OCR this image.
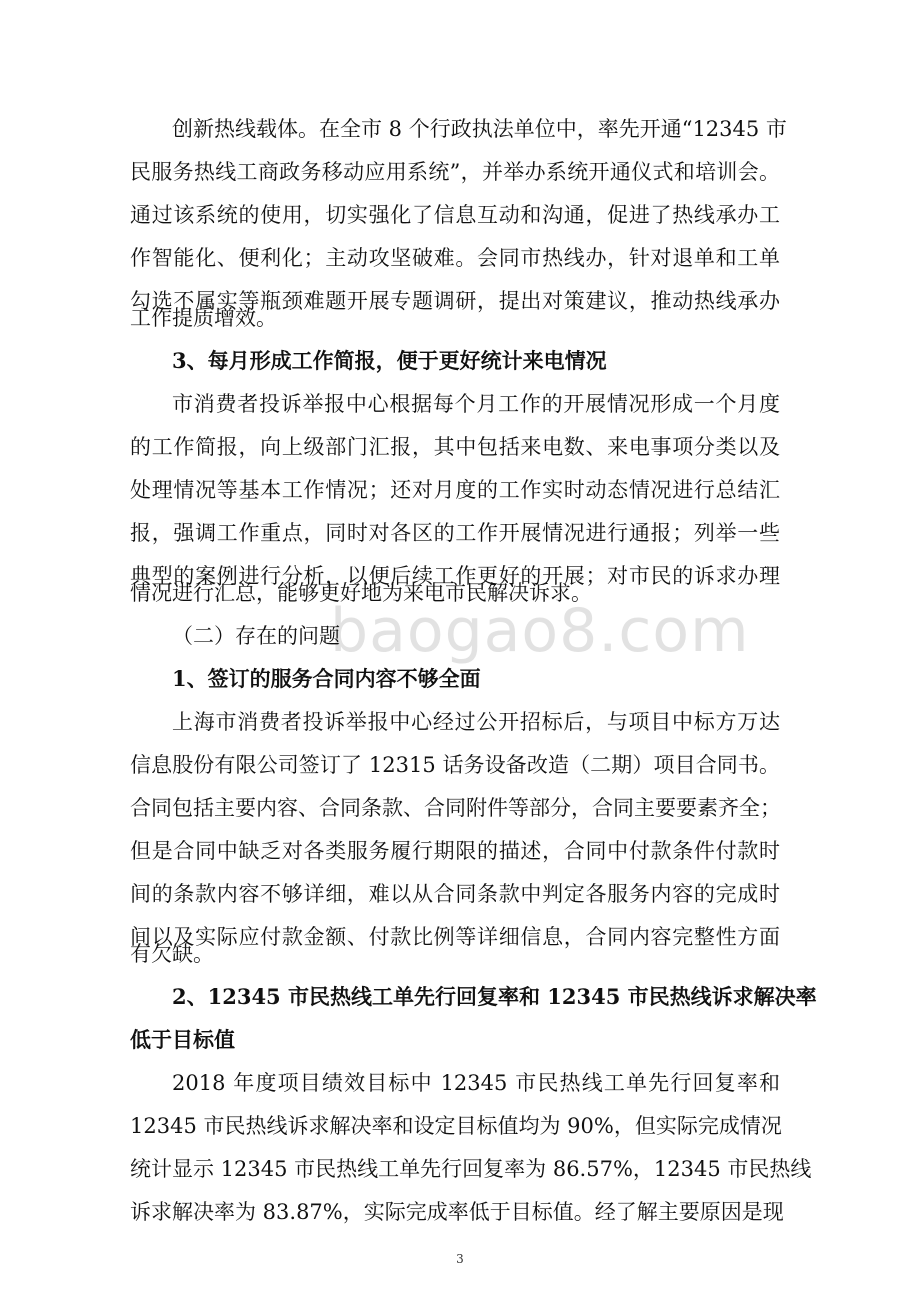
baogao8.com
创新热线载体。在全市 8 个行政执法单位中，率先开通“12345 市
民服务热线工商政务移动应用系统”，并举办系统开通仪式和培训会。
通过该系统的使用，切实强化了信息互动和沟通，促进了热线承办工
作智能化、便利化；主动攻坚破难。会同市热线办，针对退单和工单
勾选不属实等瓶颈难题开展专题调研，提出对策建议，推动热线承办
工作提质增效。
3、每月形成工作简报，便于更好统计来电情况
市消费者投诉举报中心根据每个月工作的开展情况形成一个月度
的工作简报，向上级部门汇报，其中包括来电数、来电事项分类以及
处理情况等基本工作情况；还对月度的工作实时动态情况进行总结汇
报，强调工作重点，同时对各区的工作开展情况进行通报；列举一些
典型的案例进行分析，以便后续工作更好的开展；对市民的诉求办理
情况进行汇总，能够更好地为来电市民解决诉求。
（二）存在的问题
1、签订的服务合同内容不够全面
上海市消费者投诉举报中心经过公开招标后，与项目中标方万达
信息股份有限公司签订了 12315 话务设备改造（二期）项目合同书。
合同包括主要内容、合同条款、合同附件等部分，合同主要要素齐全；
但是合同中缺乏对各类服务履行期限的描述，合同中付款条件付款时
间的条款内容不够详细，难以从合同条款中判定各服务内容的完成时
间以及实际应付款金额、付款比例等详细信息，合同内容完整性方面
有欠缺。
2、12345 市民热线工单先行回复率和 12345 市民热线诉求解决率
低于目标值
2018 年度项目绩效目标中 12345 市民热线工单先行回复率和
12345 市民热线诉求解决率和设定目标值均为 90%，但实际完成情况
统计显示 12345 市民热线工单先行回复率为 86.57%，12345 市民热线
诉求解决率为 83.87%，实际完成率低于目标值。经了解主要原因是现
3
